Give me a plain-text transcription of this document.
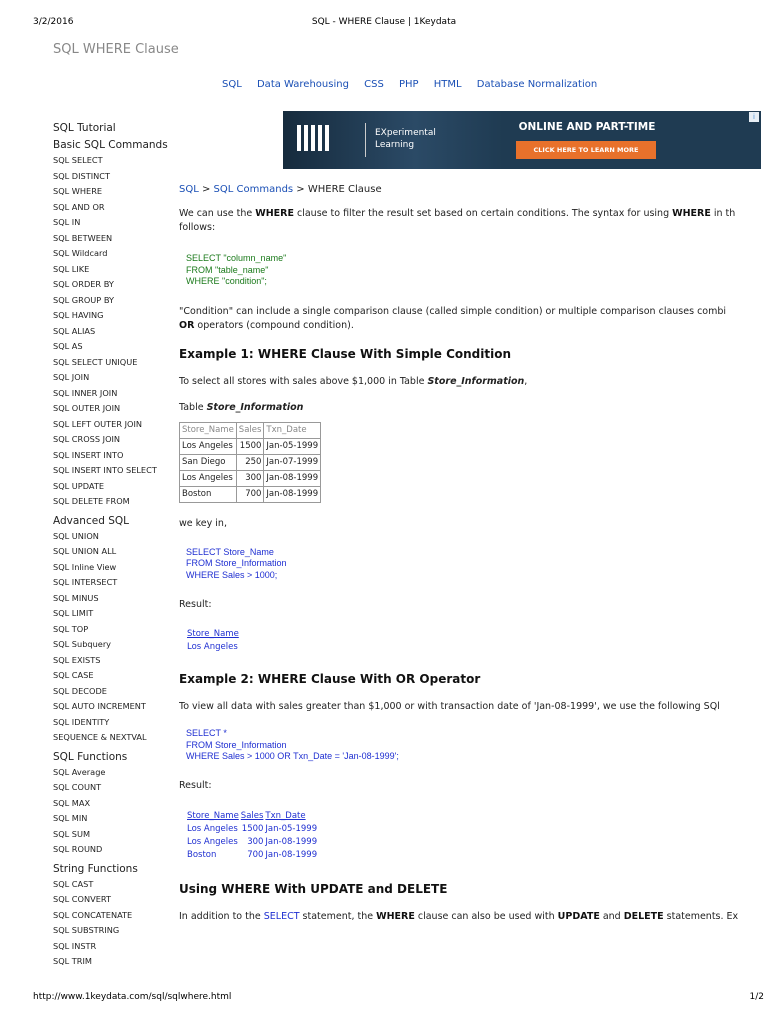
3/2/2016	SQL - WHERE Clause | 1Keydata
SQL WHERE Clause
SQL Data Warehousing CSS PHP HTML Database Normalization
SQL Tutorial
Basic SQL Commands
SQL SELECT
SQL DISTINCT
SQL WHERE
SQL AND OR
SQL IN
SQL BETWEEN
SQL Wildcard
SQL LIKE
SQL ORDER BY
SQL GROUP BY
SQL HAVING
SQL ALIAS
SQL AS
SQL SELECT UNIQUE
SQL JOIN
SQL INNER JOIN
SQL OUTER JOIN
SQL LEFT OUTER JOIN
SQL CROSS JOIN
SQL INSERT INTO
SQL INSERT INTO SELECT
SQL UPDATE
SQL DELETE FROM
Advanced SQL
SQL UNION
SQL UNION ALL
SQL Inline View
SQL INTERSECT
SQL MINUS
SQL LIMIT
SQL TOP
SQL Subquery
SQL EXISTS
SQL CASE
SQL DECODE
SQL AUTO INCREMENT
SQL IDENTITY
SEQUENCE & NEXTVAL
SQL Functions
SQL Average
SQL COUNT
SQL MAX
SQL MIN
SQL SUM
SQL ROUND
String Functions
SQL CAST
SQL CONVERT
SQL CONCATENATE
SQL SUBSTRING
SQL INSTR
SQL TRIM
EXperimental
Learning
ONLINE AND PART-TIME
CLICK HERE TO LEARN MORE
i
SQL > SQL Commands > WHERE Clause

We can use the WHERE clause to filter the result set based on certain conditions. The syntax for using WHERE in th

follows:

SELECT "column_name"
FROM "table_name"
WHERE "condition";

"Condition" can include a single comparison clause (called simple condition) or multiple comparison clauses combi

OR operators (compound condition).

Example 1: WHERE Clause With Simple Condition

To select all stores with sales above $1,000 in Table Store_Information,

Table Store_Information

Store_Name	Sales	Txn_Date
Los Angeles	1500	Jan-05-1999
San Diego	250	Jan-07-1999
Los Angeles	300	Jan-08-1999
Boston	700	Jan-08-1999

we key in,

SELECT Store_Name
FROM Store_Information
WHERE Sales > 1000;

Result:

Store_Name
Los Angeles
Example 2: WHERE Clause With OR Operator

To view all data with sales greater than $1,000 or with transaction date of 'Jan-08-1999', we use the following SQl

SELECT *
FROM Store_Information
WHERE Sales > 1000 OR Txn_Date = 'Jan-08-1999';

Result:

Store_Name	Sales	Txn_Date
Los Angeles	1500	Jan-05-1999
Los Angeles	300	Jan-08-1999
Boston	700	Jan-08-1999
Using WHERE With UPDATE and DELETE

In addition to the SELECT statement, the WHERE clause can also be used with UPDATE and DELETE statements. Ex

http://www.1keydata.com/sql/sqlwhere.html	1/2
